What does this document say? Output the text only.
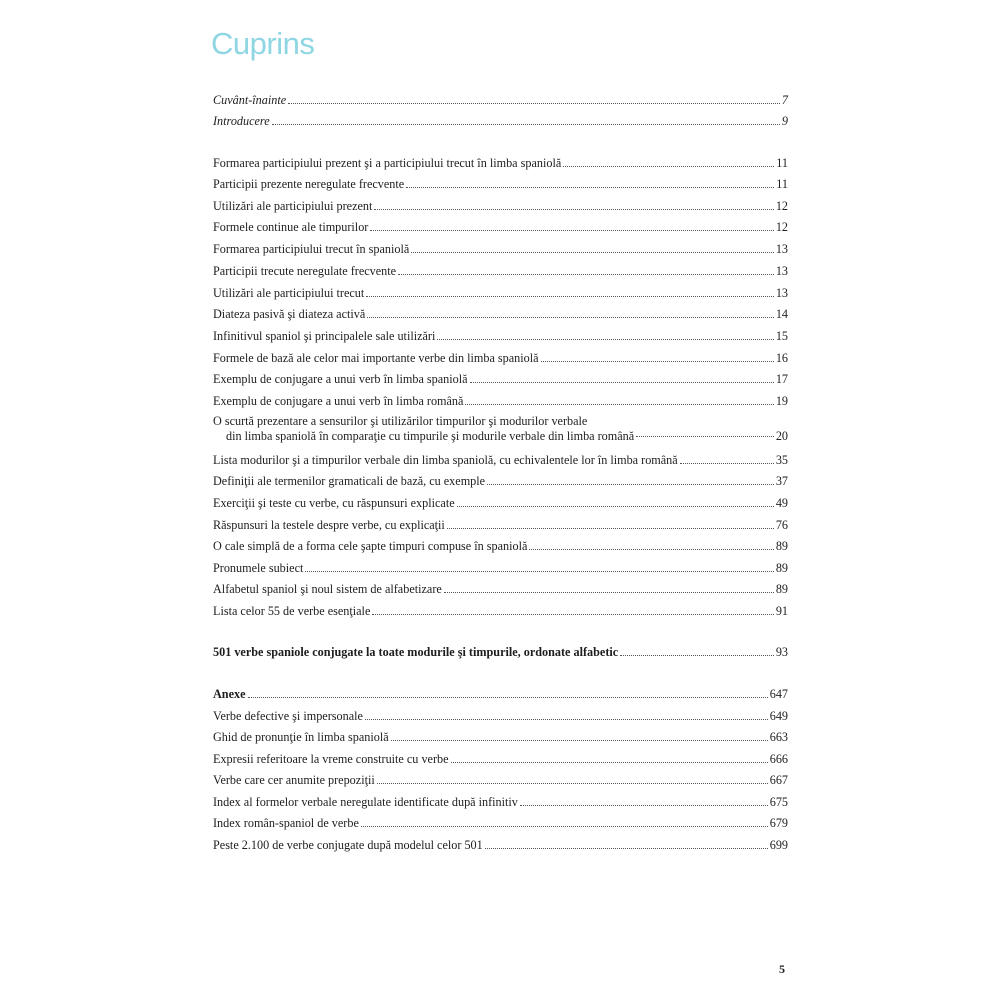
Cuprins
Cuvânt-înainte	7
Introducere	9
Formarea participiului prezent şi a participiului trecut în limba spaniolă	11
Participii prezente neregulate frecvente	11
Utilizări ale participiului prezent	12
Formele continue ale timpurilor	12
Formarea participiului trecut în spaniolă	13
Participii trecute neregulate frecvente	13
Utilizări ale participiului trecut	13
Diateza pasivă şi diateza activă	14
Infinitivul spaniol şi principalele sale utilizări	15
Formele de bază ale celor mai importante verbe din limba spaniolă	16
Exemplu de conjugare a unui verb în limba spaniolă	17
Exemplu de conjugare a unui verb în limba română	19
O scurtă prezentare a sensurilor şi utilizărilor timpurilor şi modurilor verbale
din limba spaniolă în comparaţie cu timpurile şi modurile verbale din limba română	20
Lista modurilor şi a timpurilor verbale din limba spaniolă, cu echivalentele lor în limba română	35
Definiţii ale termenilor gramaticali de bază, cu exemple	37
Exerciţii şi teste cu verbe, cu răspunsuri explicate	49
Răspunsuri la testele despre verbe, cu explicaţii	76
O cale simplă de a forma cele şapte timpuri compuse în spaniolă	89
Pronumele subiect	89
Alfabetul spaniol şi noul sistem de alfabetizare	89
Lista celor 55 de verbe esenţiale	91
501 verbe spaniole conjugate la toate modurile şi timpurile, ordonate alfabetic	93
Anexe	647
Verbe defective şi impersonale	649
Ghid de pronunţie în limba spaniolă	663
Expresii referitoare la vreme construite cu verbe	666
Verbe care cer anumite prepoziţii	667
Index al formelor verbale neregulate identificate după infinitiv	675
Index român-spaniol de verbe	679
Peste 2.100 de verbe conjugate după modelul celor 501	699
5
